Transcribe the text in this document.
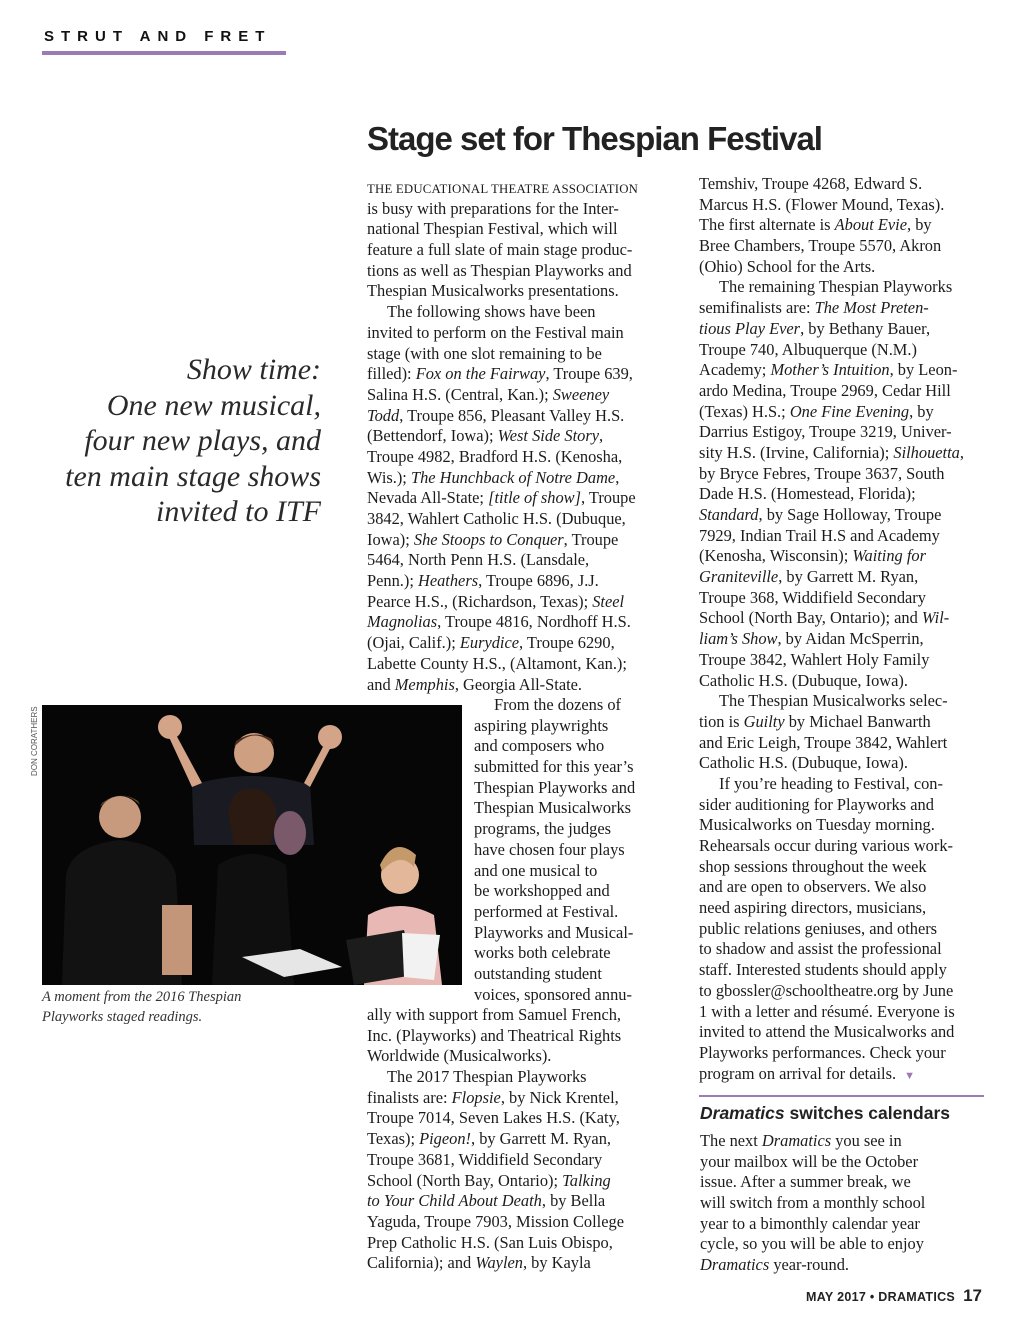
STRUT AND FRET
Stage set for Thespian Festival
Show time:
One new musical,
four new plays, and
ten main stage shows
invited to ITF
DON CORATHERS
A moment from the 2016 Thespian
Playworks staged readings.
THE EDUCATIONAL THEATRE ASSOCIATION
is busy with preparations for the Inter-
national Thespian Festival, which will
feature a full slate of main stage produc-
tions as well as Thespian Playworks and
Thespian Musicalworks presentations.
The following shows have been
invited to perform on the Festival main
stage (with one slot remaining to be
filled): Fox on the Fairway, Troupe 639,
Salina H.S. (Central, Kan.); Sweeney
Todd, Troupe 856, Pleasant Valley H.S.
(Bettendorf, Iowa); West Side Story,
Troupe 4982, Bradford H.S. (Kenosha,
Wis.); The Hunchback of Notre Dame,
Nevada All-State; [title of show], Troupe
3842, Wahlert Catholic H.S. (Dubuque,
Iowa); She Stoops to Conquer, Troupe
5464, North Penn H.S. (Lansdale,
Penn.); Heathers, Troupe 6896, J.J.
Pearce H.S., (Richardson, Texas); Steel
Magnolias, Troupe 4816, Nordhoff H.S.
(Ojai, Calif.); Eurydice, Troupe 6290,
Labette County H.S., (Altamont, Kan.);
and Memphis, Georgia All-State.
From the dozens of
aspiring playwrights
and composers who
submitted for this year’s
Thespian Playworks and
Thespian Musicalworks
programs, the judges
have chosen four plays
and one musical to
be workshopped and
performed at Festival.
Playworks and Musical-
works both celebrate
outstanding student
voices, sponsored annu-
ally with support from Samuel French,
Inc. (Playworks) and Theatrical Rights
Worldwide (Musicalworks).
The 2017 Thespian Playworks
finalists are: Flopsie, by Nick Krentel,
Troupe 7014, Seven Lakes H.S. (Katy,
Texas); Pigeon!, by Garrett M. Ryan,
Troupe 3681, Widdifield Secondary
School (North Bay, Ontario); Talking
to Your Child About Death, by Bella
Yaguda, Troupe 7903, Mission College
Prep Catholic H.S. (San Luis Obispo,
California); and Waylen, by Kayla
Temshiv, Troupe 4268, Edward S.
Marcus H.S. (Flower Mound, Texas).
The first alternate is About Evie, by
Bree Chambers, Troupe 5570, Akron
(Ohio) School for the Arts.
The remaining Thespian Playworks
semifinalists are: The Most Preten-
tious Play Ever, by Bethany Bauer,
Troupe 740, Albuquerque (N.M.)
Academy; Mother’s Intuition, by Leon-
ardo Medina, Troupe 2969, Cedar Hill
(Texas) H.S.; One Fine Evening, by
Darrius Estigoy, Troupe 3219, Univer-
sity H.S. (Irvine, California); Silhouetta,
by Bryce Febres, Troupe 3637, South
Dade H.S. (Homestead, Florida);
Standard, by Sage Holloway, Troupe
7929, Indian Trail H.S and Academy
(Kenosha, Wisconsin); Waiting for
Graniteville, by Garrett M. Ryan,
Troupe 368, Widdifield Secondary
School (North Bay, Ontario); and Wil-
liam’s Show, by Aidan McSperrin,
Troupe 3842, Wahlert Holy Family
Catholic H.S. (Dubuque, Iowa).
The Thespian Musicalworks selec-
tion is Guilty by Michael Banwarth
and Eric Leigh, Troupe 3842, Wahlert
Catholic H.S. (Dubuque, Iowa).
If you’re heading to Festival, con-
sider auditioning for Playworks and
Musicalworks on Tuesday morning.
Rehearsals occur during various work-
shop sessions throughout the week
and are open to observers. We also
need aspiring directors, musicians,
public relations geniuses, and others
to shadow and assist the professional
staff. Interested students should apply
to gbossler@schooltheatre.org by June
1 with a letter and résumé. Everyone is
invited to attend the Musicalworks and
Playworks performances. Check your
program on arrival for details. ▼
Dramatics switches calendars
The next Dramatics you see in
your mailbox will be the October
issue. After a summer break, we
will switch from a monthly school
year to a bimonthly calendar year
cycle, so you will be able to enjoy
Dramatics year-round.
MAY 2017 • DRAMATICS 17
